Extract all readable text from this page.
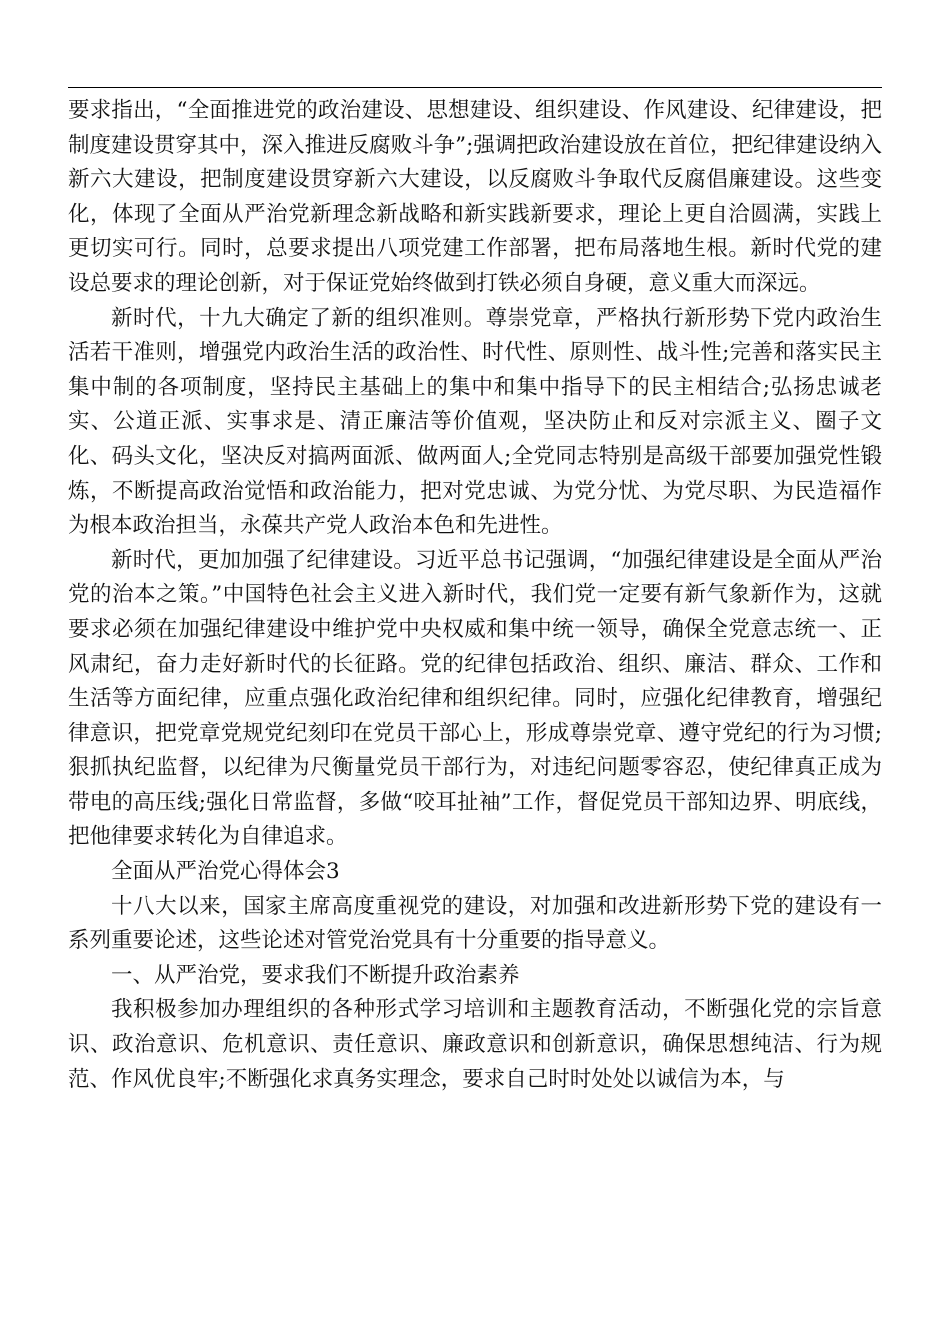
要求指出，“全面推进党的政治建设、思想建设、组织建设、作风建设、纪律建设，把制度建设贯穿其中，深入推进反腐败斗争”;强调把政治建设放在首位，把纪律建设纳入新六大建设，把制度建设贯穿新六大建设，以反腐败斗争取代反腐倡廉建设。这些变化，体现了全面从严治党新理念新战略和新实践新要求，理论上更自洽圆满，实践上更切实可行。同时，总要求提出八项党建工作部署，把布局落地生根。新时代党的建设总要求的理论创新，对于保证党始终做到打铁必须自身硬，意义重大而深远。

新时代，十九大确定了新的组织准则。尊崇党章，严格执行新形势下党内政治生活若干准则，增强党内政治生活的政治性、时代性、原则性、战斗性;完善和落实民主集中制的各项制度，坚持民主基础上的集中和集中指导下的民主相结合;弘扬忠诚老实、公道正派、实事求是、清正廉洁等价值观，坚决防止和反对宗派主义、圈子文化、码头文化，坚决反对搞两面派、做两面人;全党同志特别是高级干部要加强党性锻炼，不断提高政治觉悟和政治能力，把对党忠诚、为党分忧、为党尽职、为民造福作为根本政治担当，永葆共产党人政治本色和先进性。

新时代，更加加强了纪律建设。习近平总书记强调，“加强纪律建设是全面从严治党的治本之策。”中国特色社会主义进入新时代，我们党一定要有新气象新作为，这就要求必须在加强纪律建设中维护党中央权威和集中统一领导，确保全党意志统一、正风肃纪，奋力走好新时代的长征路。党的纪律包括政治、组织、廉洁、群众、工作和生活等方面纪律，应重点强化政治纪律和组织纪律。同时，应强化纪律教育，增强纪律意识，把党章党规党纪刻印在党员干部心上，形成尊崇党章、遵守党纪的行为习惯;狠抓执纪监督，以纪律为尺衡量党员干部行为，对违纪问题零容忍，使纪律真正成为带电的高压线;强化日常监督，多做“咬耳扯袖”工作，督促党员干部知边界、明底线，把他律要求转化为自律追求。

全面从严治党心得体会3

十八大以来，国家主席高度重视党的建设，对加强和改进新形势下党的建设有一系列重要论述，这些论述对管党治党具有十分重要的指导意义。

一、从严治党，要求我们不断提升政治素养

我积极参加办理组织的各种形式学习培训和主题教育活动，不断强化党的宗旨意识、政治意识、危机意识、责任意识、廉政意识和创新意识，确保思想纯洁、行为规范、作风优良牢;不断强化求真务实理念，要求自己时时处处以诚信为本，与
